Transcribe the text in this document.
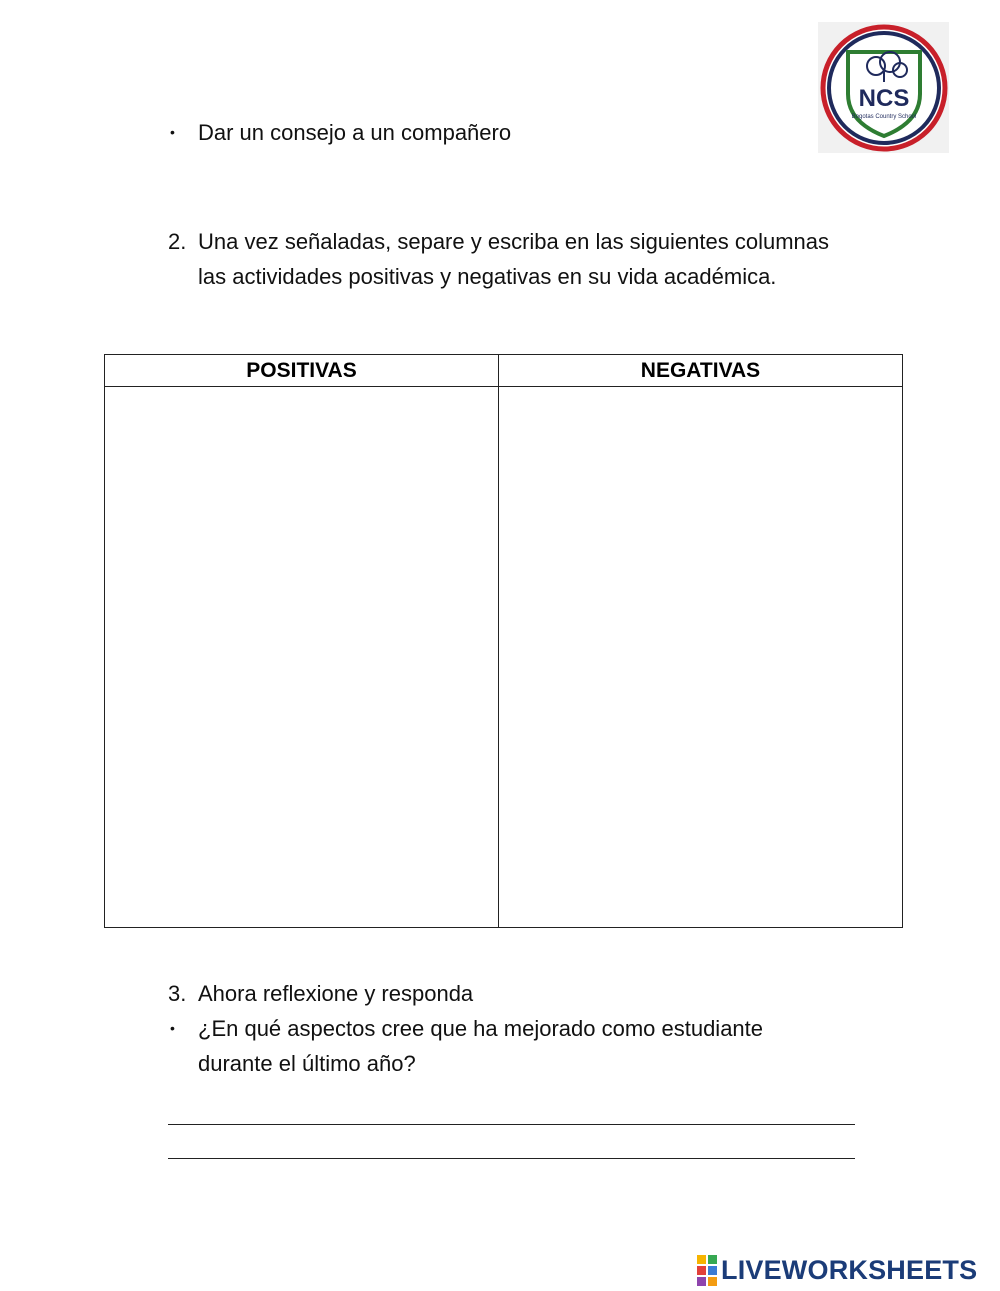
NCS
Bogotas Country School
• Dar un consejo a un compañero
2. Una vez señaladas, separe y escriba en las siguientes columnas
las actividades positivas y negativas en su vida académica.
POSITIVAS	NEGATIVAS

3. Ahora reflexione y responda
• ¿En qué aspectos cree que ha mejorado como estudiante
durante el último año?
LIVEWORKSHEETS
